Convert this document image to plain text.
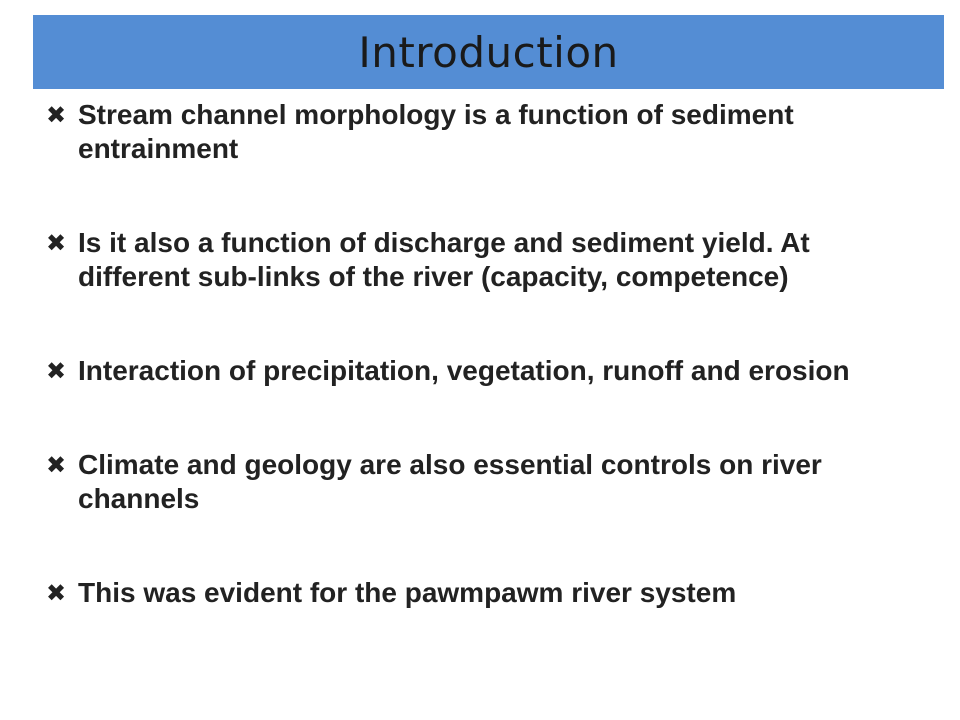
Introduction
✖ Stream channel morphology is a function of sediment entrainment
✖ Is it also a function of discharge and sediment yield. At different sub-links of the river (capacity, competence)
✖ Interaction of precipitation, vegetation, runoff and erosion
✖ Climate and geology are also essential controls on river channels
✖ This was evident for the pawmpawm river system
